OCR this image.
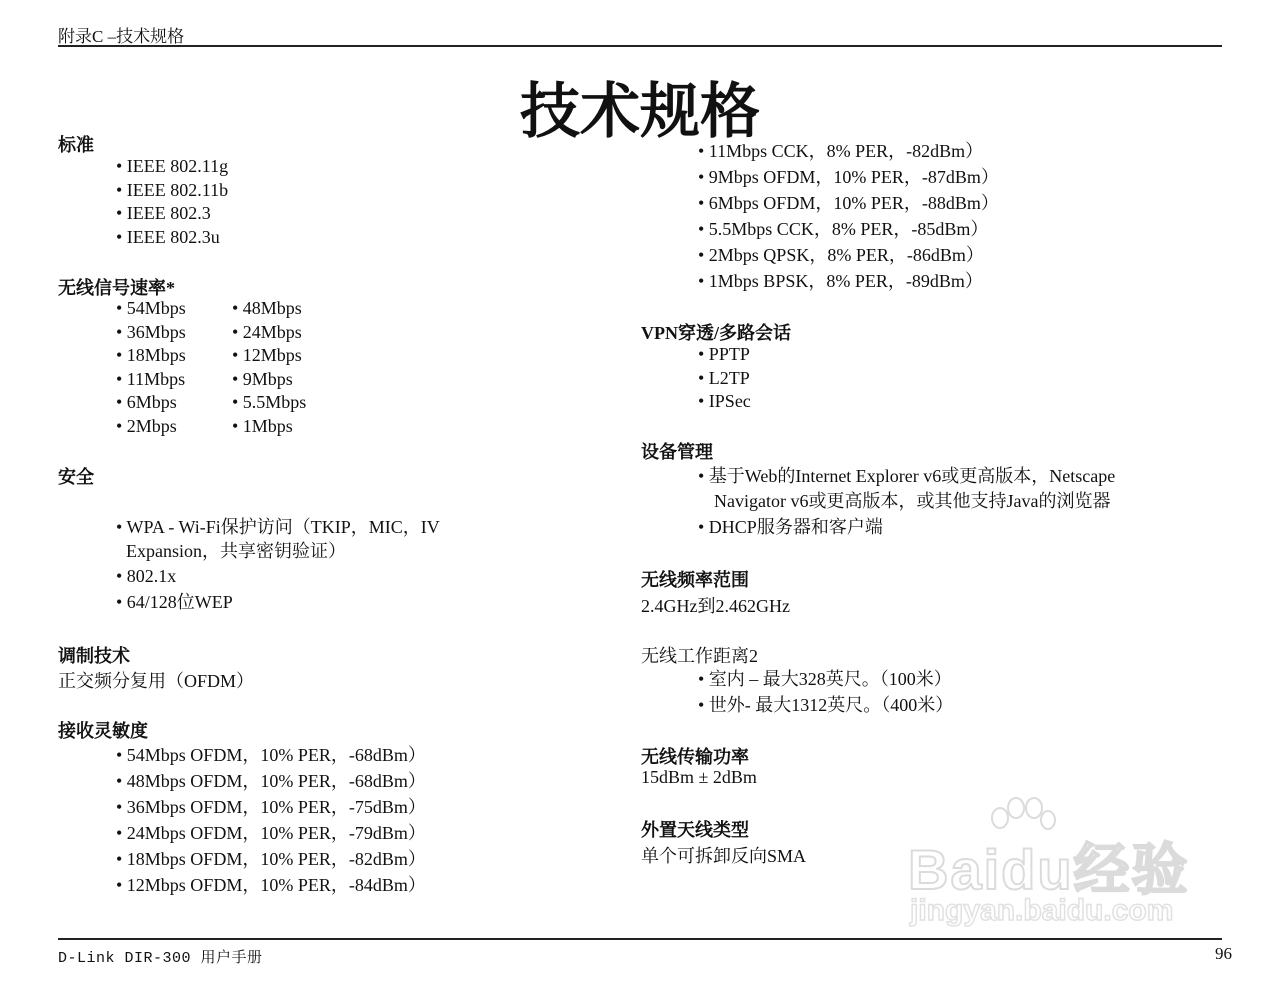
附录C –技术规格
技术规格
标准
• IEEE 802.11g
• IEEE 802.11b
• IEEE 802.3
• IEEE 802.3u
无线信号速率*
• 54Mbps
• 36Mbps
• 18Mbps
• 11Mbps
• 6Mbps
• 2Mbps
• 48Mbps
• 24Mbps
• 12Mbps
• 9Mbps
• 5.5Mbps
• 1Mbps
安全
• WPA - Wi-Fi保护访问（TKIP，MIC，IV
Expansion，共享密钥验证）
• 802.1x
• 64/128位WEP
调制技术
正交频分复用（OFDM）
接收灵敏度
• 54Mbps OFDM，10% PER，-68dBm）
• 48Mbps OFDM，10% PER，-68dBm）
• 36Mbps OFDM，10% PER，-75dBm）
• 24Mbps OFDM，10% PER，-79dBm）
• 18Mbps OFDM，10% PER，-82dBm）
• 12Mbps OFDM，10% PER，-84dBm）
• 11Mbps CCK，8% PER，-82dBm）
• 9Mbps OFDM，10% PER，-87dBm）
• 6Mbps OFDM，10% PER，-88dBm）
• 5.5Mbps CCK，8% PER，-85dBm）
• 2Mbps QPSK，8% PER，-86dBm）
• 1Mbps BPSK，8% PER，-89dBm）
VPN穿透/多路会话
• PPTP
• L2TP
• IPSec
设备管理
• 基于Web的Internet Explorer v6或更高版本，Netscape
Navigator v6或更高版本，或其他支持Java的浏览器
• DHCP服务器和客户端
无线频率范围
2.4GHz到2.462GHz
无线工作距离2
• 室内 – 最大328英尺。（100米）
• 世外- 最大1312英尺。（400米）
无线传输功率
15dBm ± 2dBm
外置天线类型
单个可拆卸反向SMA Baidu经验
jingyan.baidu.com
D-Link DIR-300 用户手册	96
